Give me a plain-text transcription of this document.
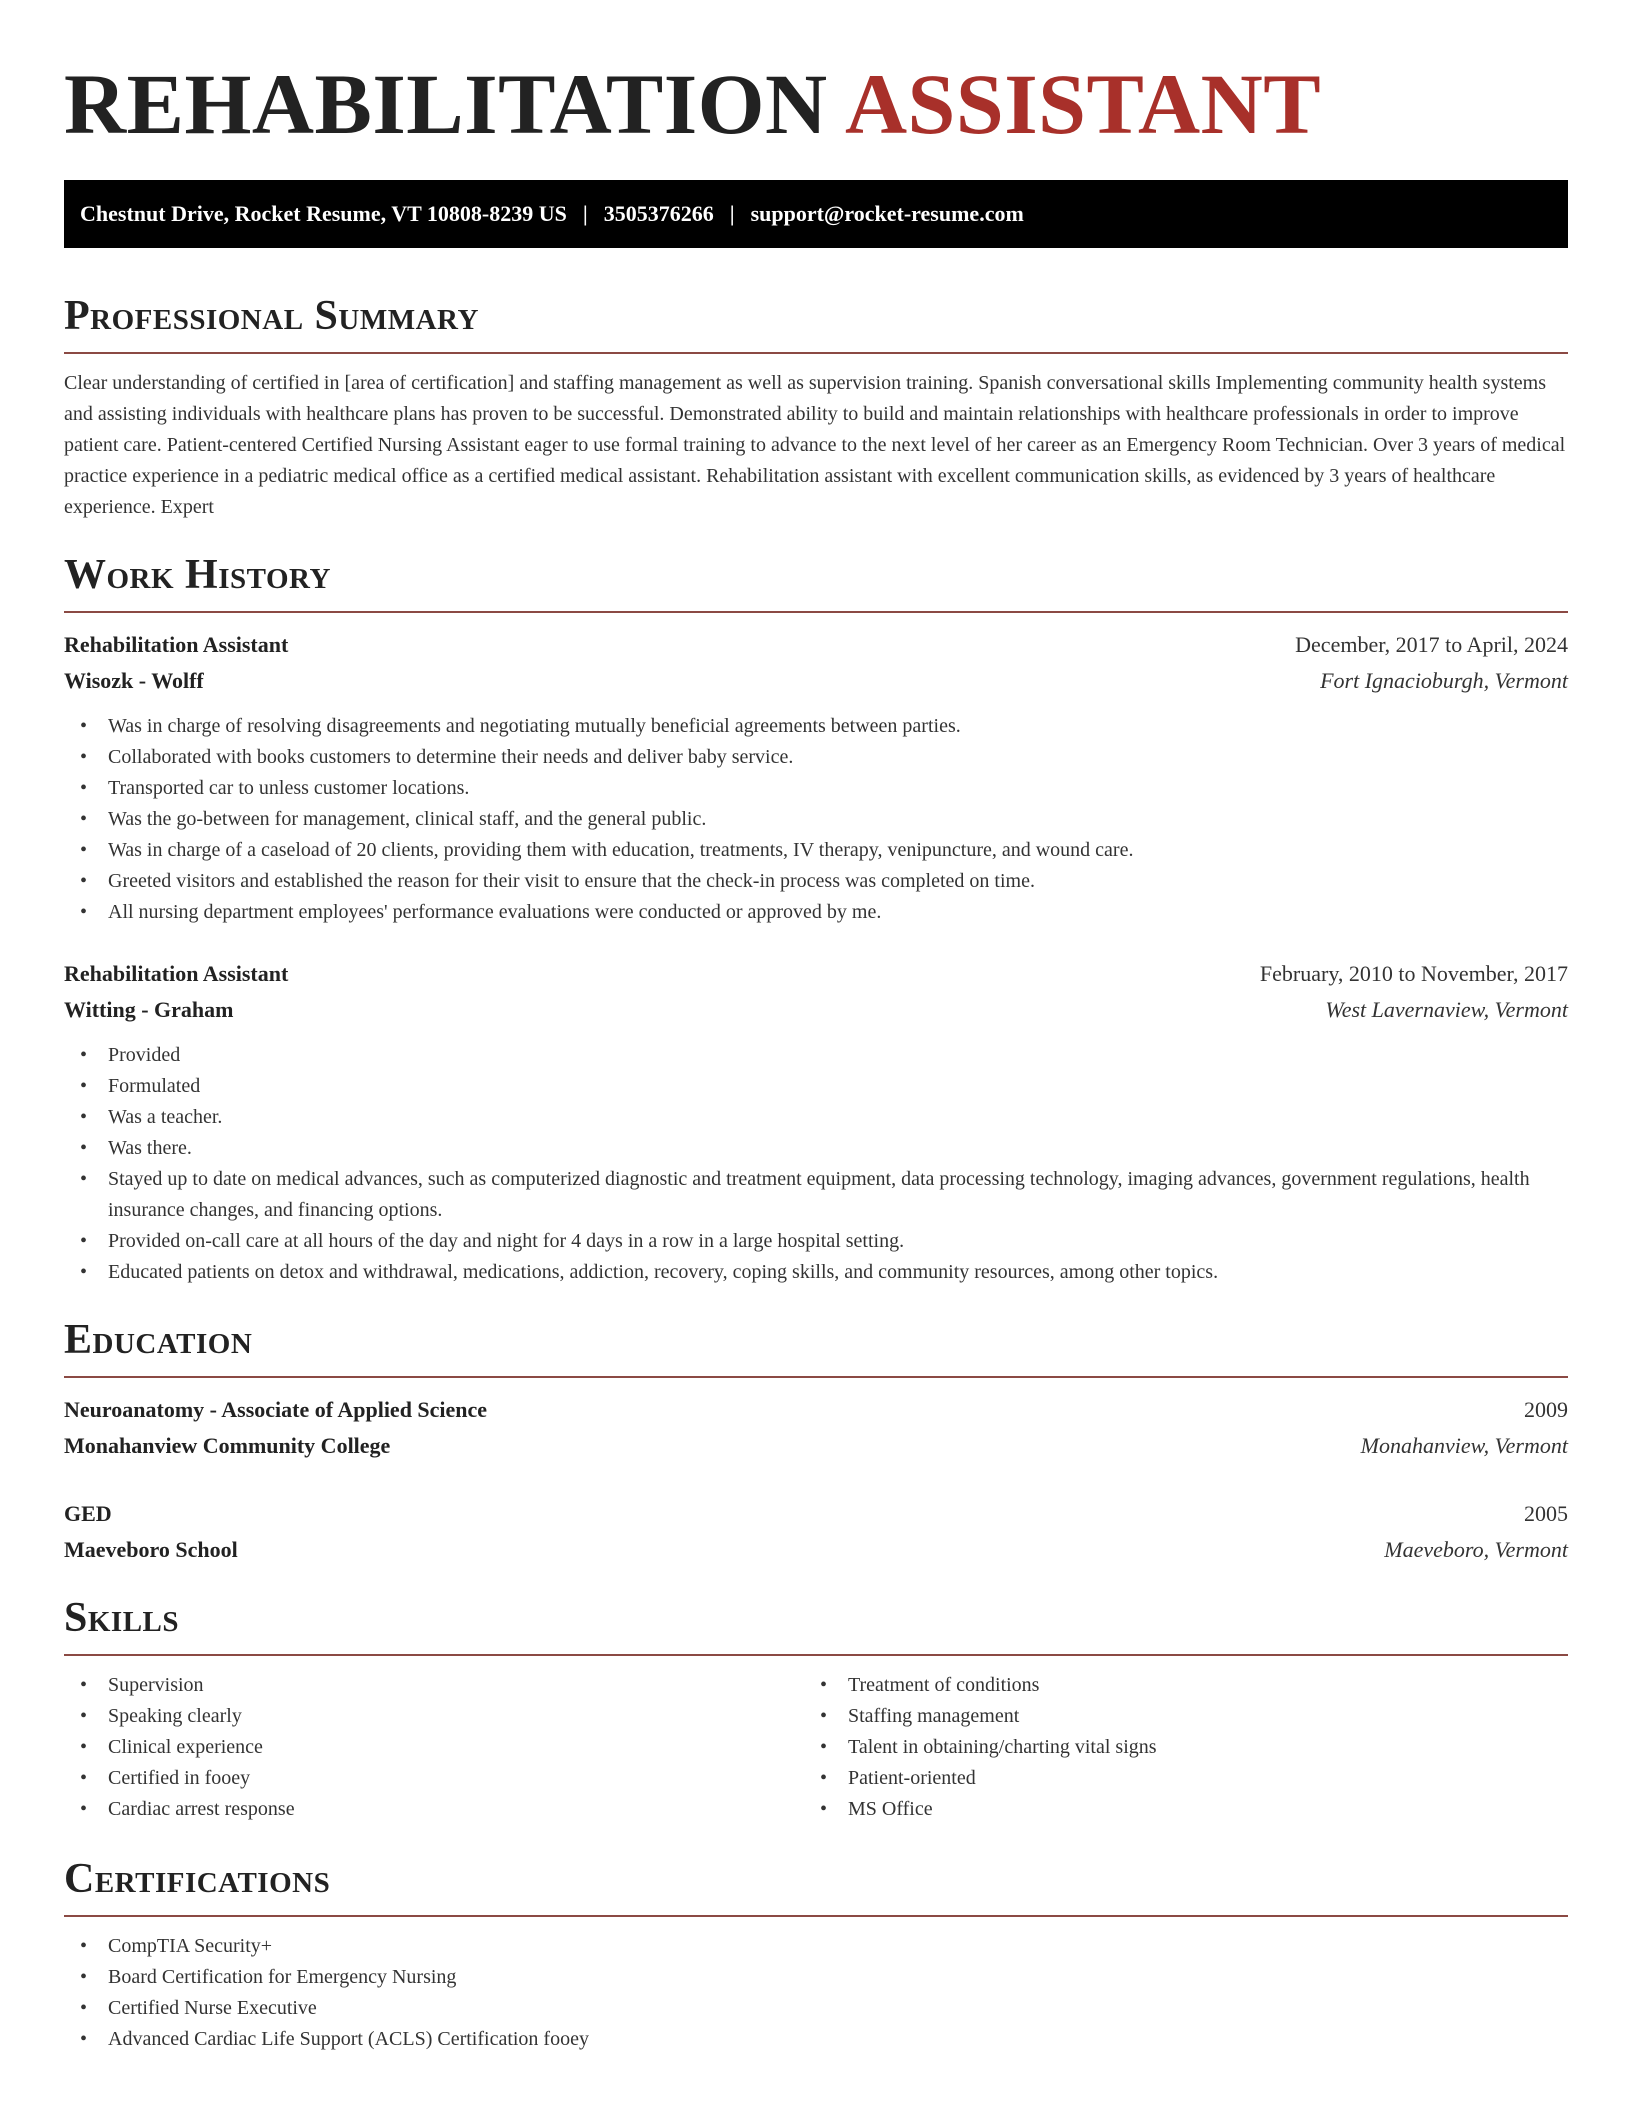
REHABILITATION ASSISTANT
Chestnut Drive, Rocket Resume, VT 10808-8239 US | 3505376266 | support@rocket-resume.com
Professional Summary

Clear understanding of certified in [area of certification] and staffing management as well as supervision training. Spanish conversational skills Implementing community health systems and assisting individuals with healthcare plans has proven to be successful. Demonstrated ability to build and maintain relationships with healthcare professionals in order to improve patient care. Patient-centered Certified Nursing Assistant eager to use formal training to advance to the next level of her career as an Emergency Room Technician. Over 3 years of medical practice experience in a pediatric medical office as a certified medical assistant. Rehabilitation assistant with excellent communication skills, as evidenced by 3 years of healthcare experience. Expert

Work History
Rehabilitation Assistant	December, 2017 to April, 2024
Wisozk - Wolff	Fort Ignacioburgh, Vermont
• Was in charge of resolving disagreements and negotiating mutually beneficial agreements between parties.
• Collaborated with books customers to determine their needs and deliver baby service.
• Transported car to unless customer locations.
• Was the go-between for management, clinical staff, and the general public.
• Was in charge of a caseload of 20 clients, providing them with education, treatments, IV therapy, venipuncture, and wound care.
• Greeted visitors and established the reason for their visit to ensure that the check-in process was completed on time.
• All nursing department employees' performance evaluations were conducted or approved by me.
Rehabilitation Assistant	February, 2010 to November, 2017
Witting - Graham	West Lavernaview, Vermont
• Provided
• Formulated
• Was a teacher.
• Was there.
• Stayed up to date on medical advances, such as computerized diagnostic and treatment equipment, data processing technology, imaging advances, government regulations, health insurance changes, and financing options.
• Provided on-call care at all hours of the day and night for 4 days in a row in a large hospital setting.
• Educated patients on detox and withdrawal, medications, addiction, recovery, coping skills, and community resources, among other topics.
Education
Neuroanatomy - Associate of Applied Science	2009
Monahanview Community College	Monahanview, Vermont
GED	2005
Maeveboro School	Maeveboro, Vermont
Skills
• Supervision
• Speaking clearly
• Clinical experience
• Certified in fooey
• Cardiac arrest response
• Treatment of conditions
• Staffing management
• Talent in obtaining/charting vital signs
• Patient-oriented
• MS Office
Certifications
• CompTIA Security+
• Board Certification for Emergency Nursing
• Certified Nurse Executive
• Advanced Cardiac Life Support (ACLS) Certification fooey
